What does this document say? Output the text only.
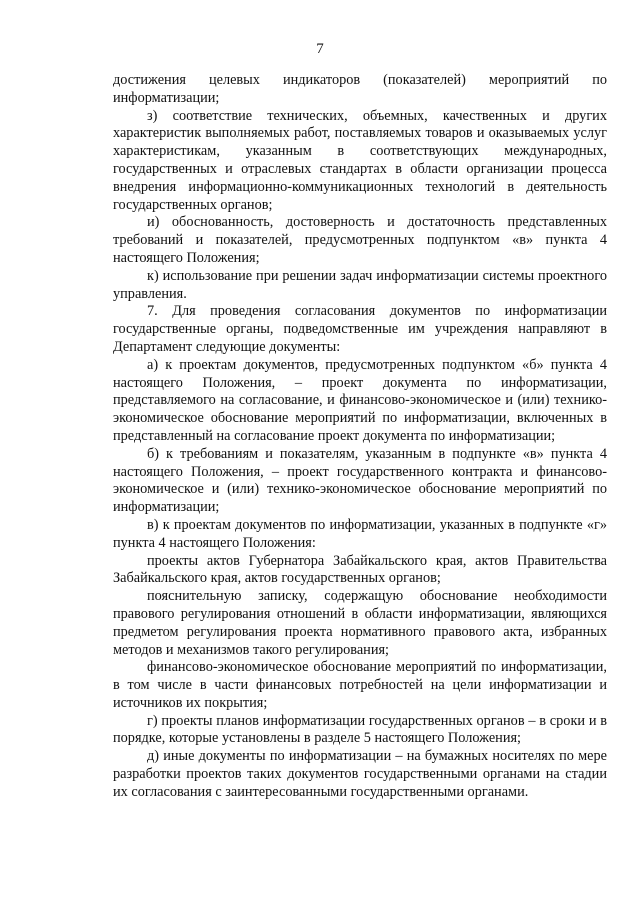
7

достижения целевых индикаторов (показателей) мероприятий по информатизации;

з) соответствие технических, объемных, качественных и других характеристик выполняемых работ, поставляемых товаров и оказываемых услуг характеристикам, указанным в соответствующих международных, государственных и отраслевых стандартах в области организации процесса внедрения информационно-коммуникационных технологий в деятельность государственных органов;

и) обоснованность, достоверность и достаточность представленных требований и показателей, предусмотренных подпунктом «в» пункта 4 настоящего Положения;

к) использование при решении задач информатизации системы проектного управления.

7. Для проведения согласования документов по информатизации государственные органы, подведомственные им учреждения направляют в Департамент следующие документы:

а) к проектам документов, предусмотренных подпунктом «б» пункта 4 настоящего Положения, – проект документа по информатизации, представляемого на согласование, и финансово-экономическое и (или) технико-экономическое обоснование мероприятий по информатизации, включенных в представленный на согласование проект документа по информатизации;

б) к требованиям и показателям, указанным в подпункте «в» пункта 4 настоящего Положения, – проект государственного контракта и финансово-экономическое и (или) технико-экономическое обоснование мероприятий по информатизации;

в) к проектам документов по информатизации, указанных в подпункте «г» пункта 4 настоящего Положения:

проекты актов Губернатора Забайкальского края, актов Правительства Забайкальского края, актов государственных органов;

пояснительную записку, содержащую обоснование необходимости правового регулирования отношений в области информатизации, являющихся предметом регулирования проекта нормативного правового акта, избранных методов и механизмов такого регулирования;

финансово-экономическое обоснование мероприятий по информатизации, в том числе в части финансовых потребностей на цели информатизации и источников их покрытия;

г) проекты планов информатизации государственных органов – в сроки и в порядке, которые установлены в разделе 5 настоящего Положения;

д) иные документы по информатизации – на бумажных носителях по мере разработки проектов таких документов государственными органами на стадии их согласования с заинтересованными государственными органами.
